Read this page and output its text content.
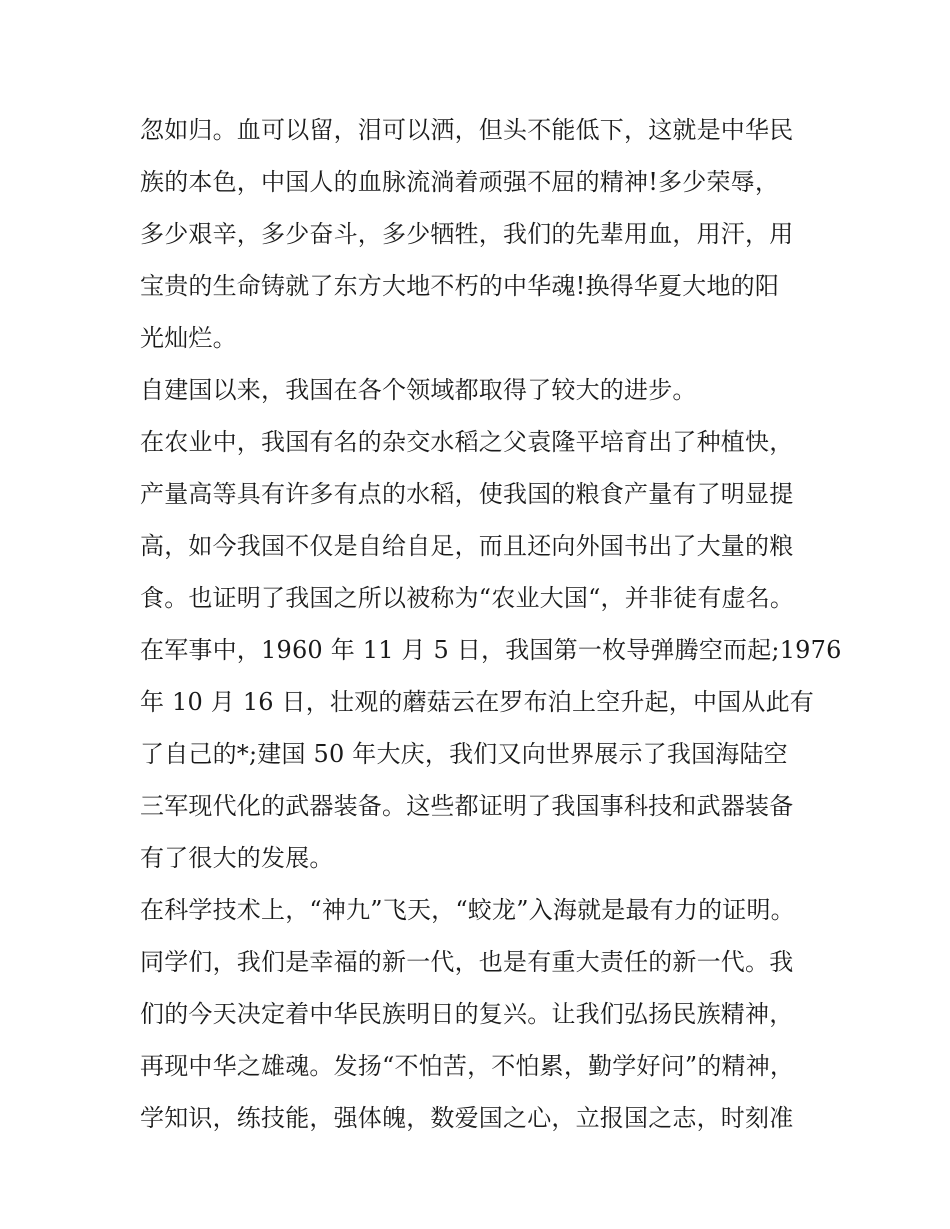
忽如归。血可以留，泪可以洒，但头不能低下，这就是中华民
族的本色，中国人的血脉流淌着顽强不屈的精神!多少荣辱，
多少艰辛，多少奋斗，多少牺牲，我们的先辈用血，用汗，用
宝贵的生命铸就了东方大地不朽的中华魂!换得华夏大地的阳
光灿烂。
自建国以来，我国在各个领域都取得了较大的进步。
在农业中，我国有名的杂交水稻之父袁隆平培育出了种植快，
产量高等具有许多有点的水稻，使我国的粮食产量有了明显提
高，如今我国不仅是自给自足，而且还向外国书出了大量的粮
食。也证明了我国之所以被称为“农业大国“，并非徒有虚名。
在军事中，1960 年 11 月 5 日，我国第一枚导弹腾空而起;1976
年 10 月 16 日，壮观的蘑菇云在罗布泊上空升起，中国从此有
了自己的*;建国 50 年大庆，我们又向世界展示了我国海陆空
三军现代化的武器装备。这些都证明了我国事科技和武器装备
有了很大的发展。
在科学技术上，“神九”飞天，“蛟龙”入海就是最有力的证明。
同学们，我们是幸福的新一代，也是有重大责任的新一代。我
们的今天决定着中华民族明日的复兴。让我们弘扬民族精神，
再现中华之雄魂。发扬“不怕苦，不怕累，勤学好问”的精神，
学知识，练技能，强体魄，数爱国之心，立报国之志，时刻准
